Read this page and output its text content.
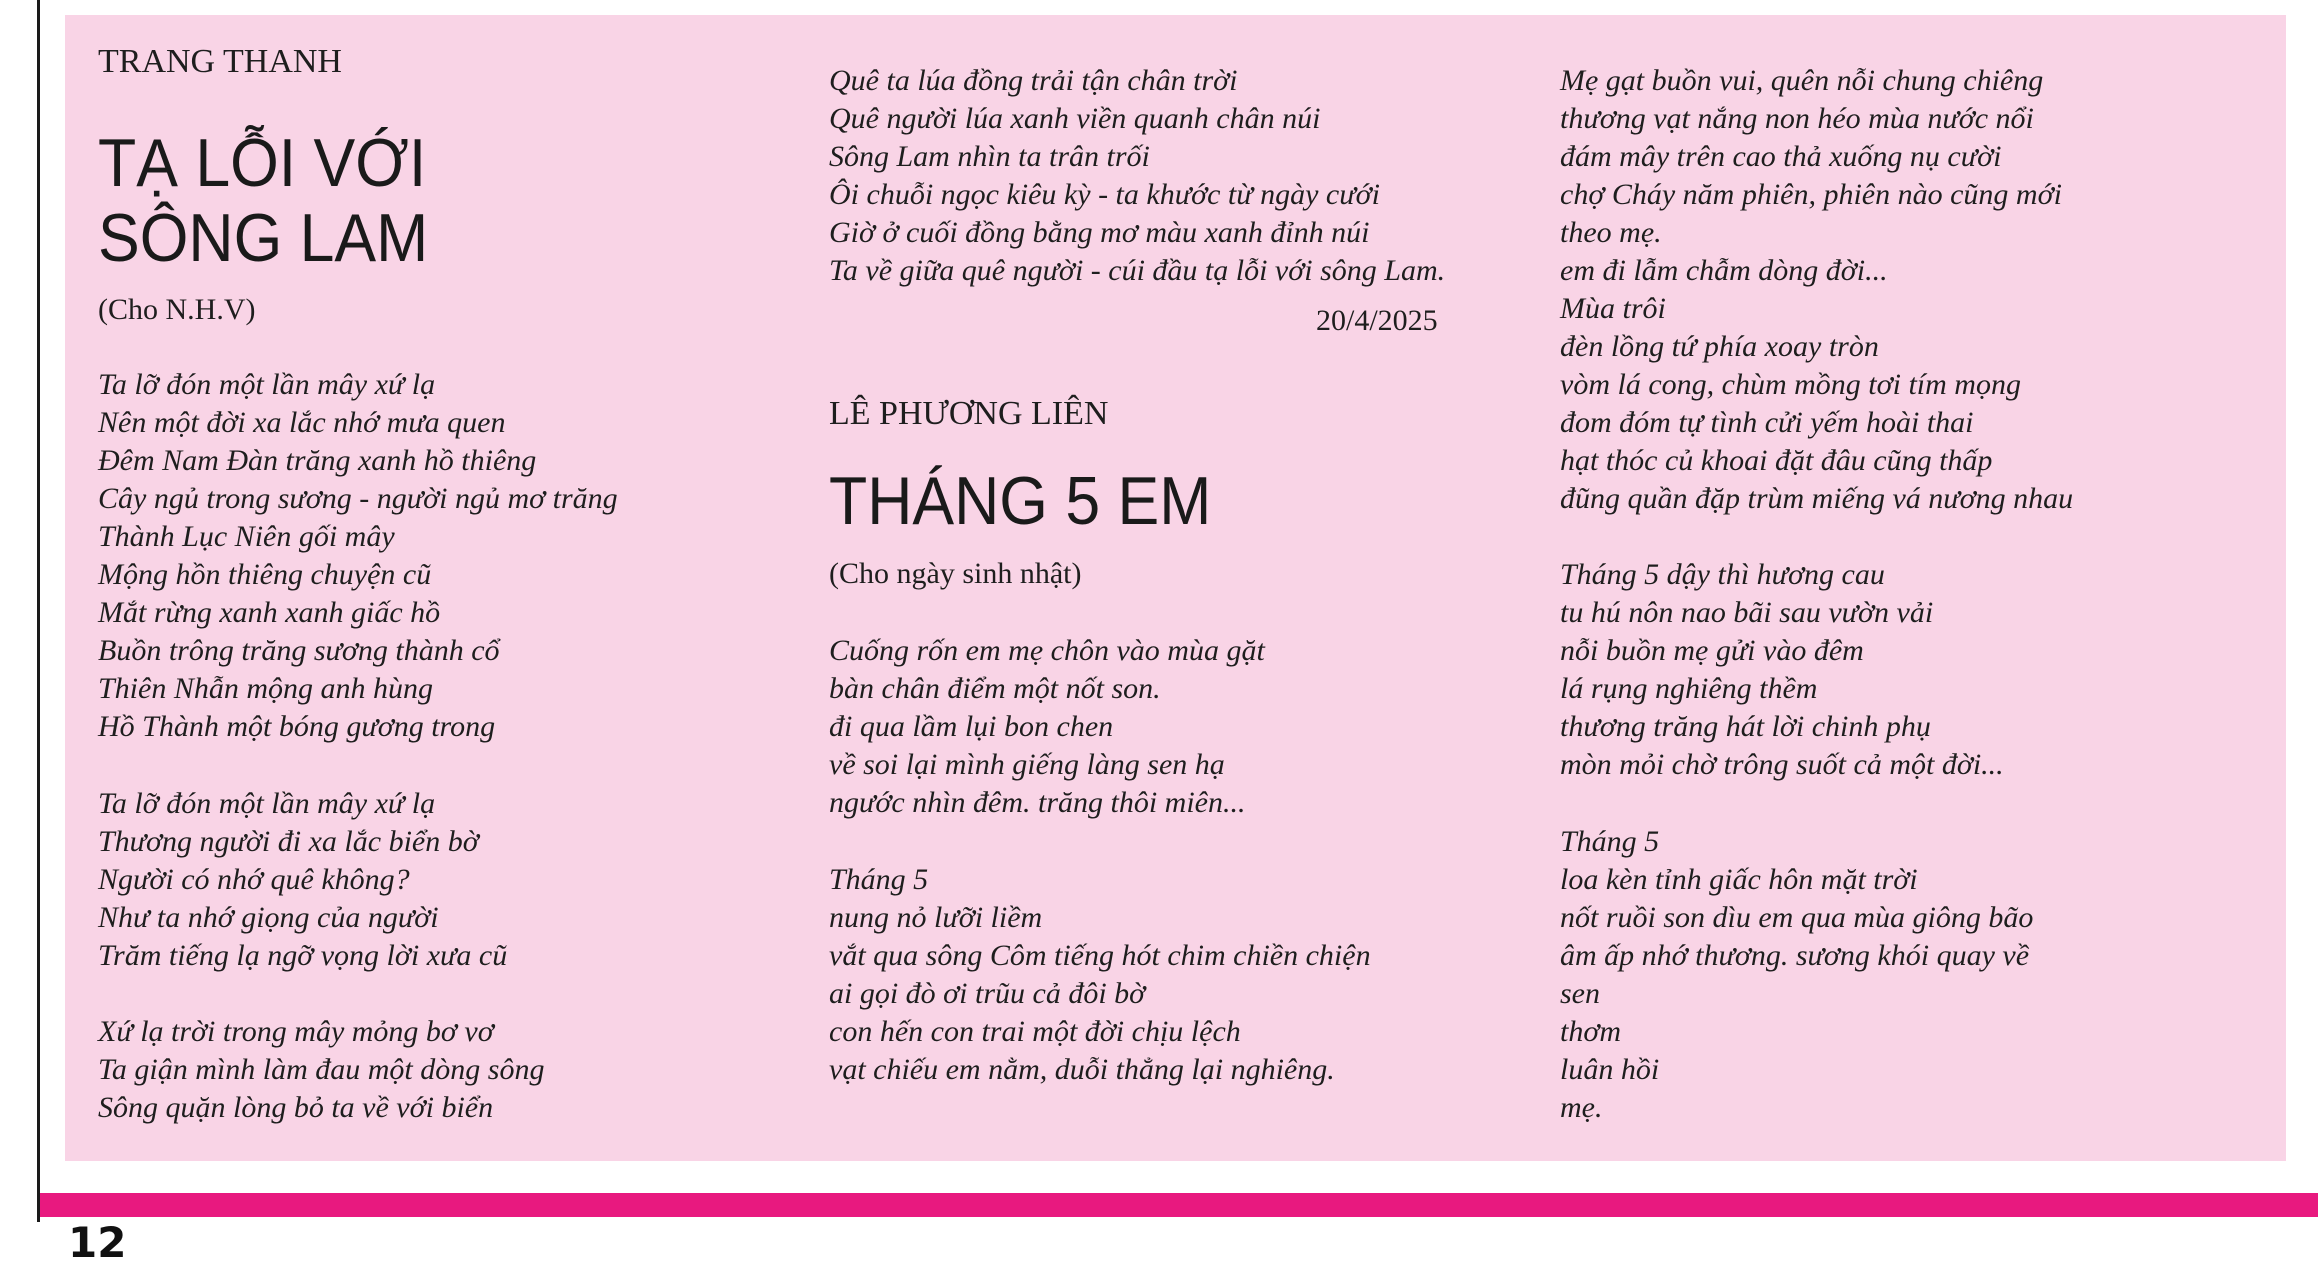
TRANG THANH
TẠ LỖI VỚI
SÔNG LAM
(Cho N.H.V)
Ta lỡ đón một lần mây xứ lạ
Nên một đời xa lắc nhớ mưa quen
Đêm Nam Đàn trăng xanh hồ thiêng
Cây ngủ trong sương - người ngủ mơ trăng
Thành Lục Niên gối mây
Mộng hồn thiêng chuyện cũ
Mắt rừng xanh xanh giấc hồ
Buồn trông trăng sương thành cổ
Thiên Nhẫn mộng anh hùng
Hồ Thành một bóng gương trong
Ta lỡ đón một lần mây xứ lạ
Thương người đi xa lắc biển bờ
Người có nhớ quê không?
Như ta nhớ giọng của người
Trăm tiếng lạ ngỡ vọng lời xưa cũ
Xứ lạ trời trong mây mỏng bơ vơ
Ta giận mình làm đau một dòng sông
Sông quặn lòng bỏ ta về với biển
Quê ta lúa đồng trải tận chân trời
Quê người lúa xanh viền quanh chân núi
Sông Lam nhìn ta trân trối
Ôi chuỗi ngọc kiêu kỳ - ta khước từ ngày cưới
Giờ ở cuối đồng bằng mơ màu xanh đỉnh núi
Ta về giữa quê người - cúi đầu tạ lỗi với sông Lam.
20/4/2025
LÊ PHƯƠNG LIÊN
THÁNG 5 EM
(Cho ngày sinh nhật)
Cuống rốn em mẹ chôn vào mùa gặt
bàn chân điểm một nốt son.
đi qua lầm lụi bon chen
về soi lại mình giếng làng sen hạ
ngước nhìn đêm. trăng thôi miên...
Tháng 5
nung nỏ lưỡi liềm
vắt qua sông Côm tiếng hót chim chiền chiện
ai gọi đò ơi trũu cả đôi bờ
con hến con trai một đời chịu lệch
vạt chiếu em nằm, duỗi thẳng lại nghiêng.
Mẹ gạt buồn vui, quên nỗi chung chiêng
thương vạt nắng non héo mùa nước nổi
đám mây trên cao thả xuống nụ cười
chợ Cháy năm phiên, phiên nào cũng mới
theo mẹ.
em đi lẫm chẫm dòng đời...
Mùa trôi
đèn lồng tứ phía xoay tròn
vòm lá cong, chùm mồng tơi tím mọng
đom đóm tự tình cửi yếm hoài thai
hạt thóc củ khoai đặt đâu cũng thấp
đũng quần đặp trùm miếng vá nương nhau
Tháng 5 dậy thì hương cau
tu hú nôn nao bãi sau vườn vải
nỗi buồn mẹ gửi vào đêm
lá rụng nghiêng thềm
thương trăng hát lời chinh phụ
mòn mỏi chờ trông suốt cả một đời...
Tháng 5
loa kèn tỉnh giấc hôn mặt trời
nốt ruồi son dìu em qua mùa giông bão
âm ấp nhớ thương. sương khói quay về
sen
thơm
luân hồi
mẹ.
12
